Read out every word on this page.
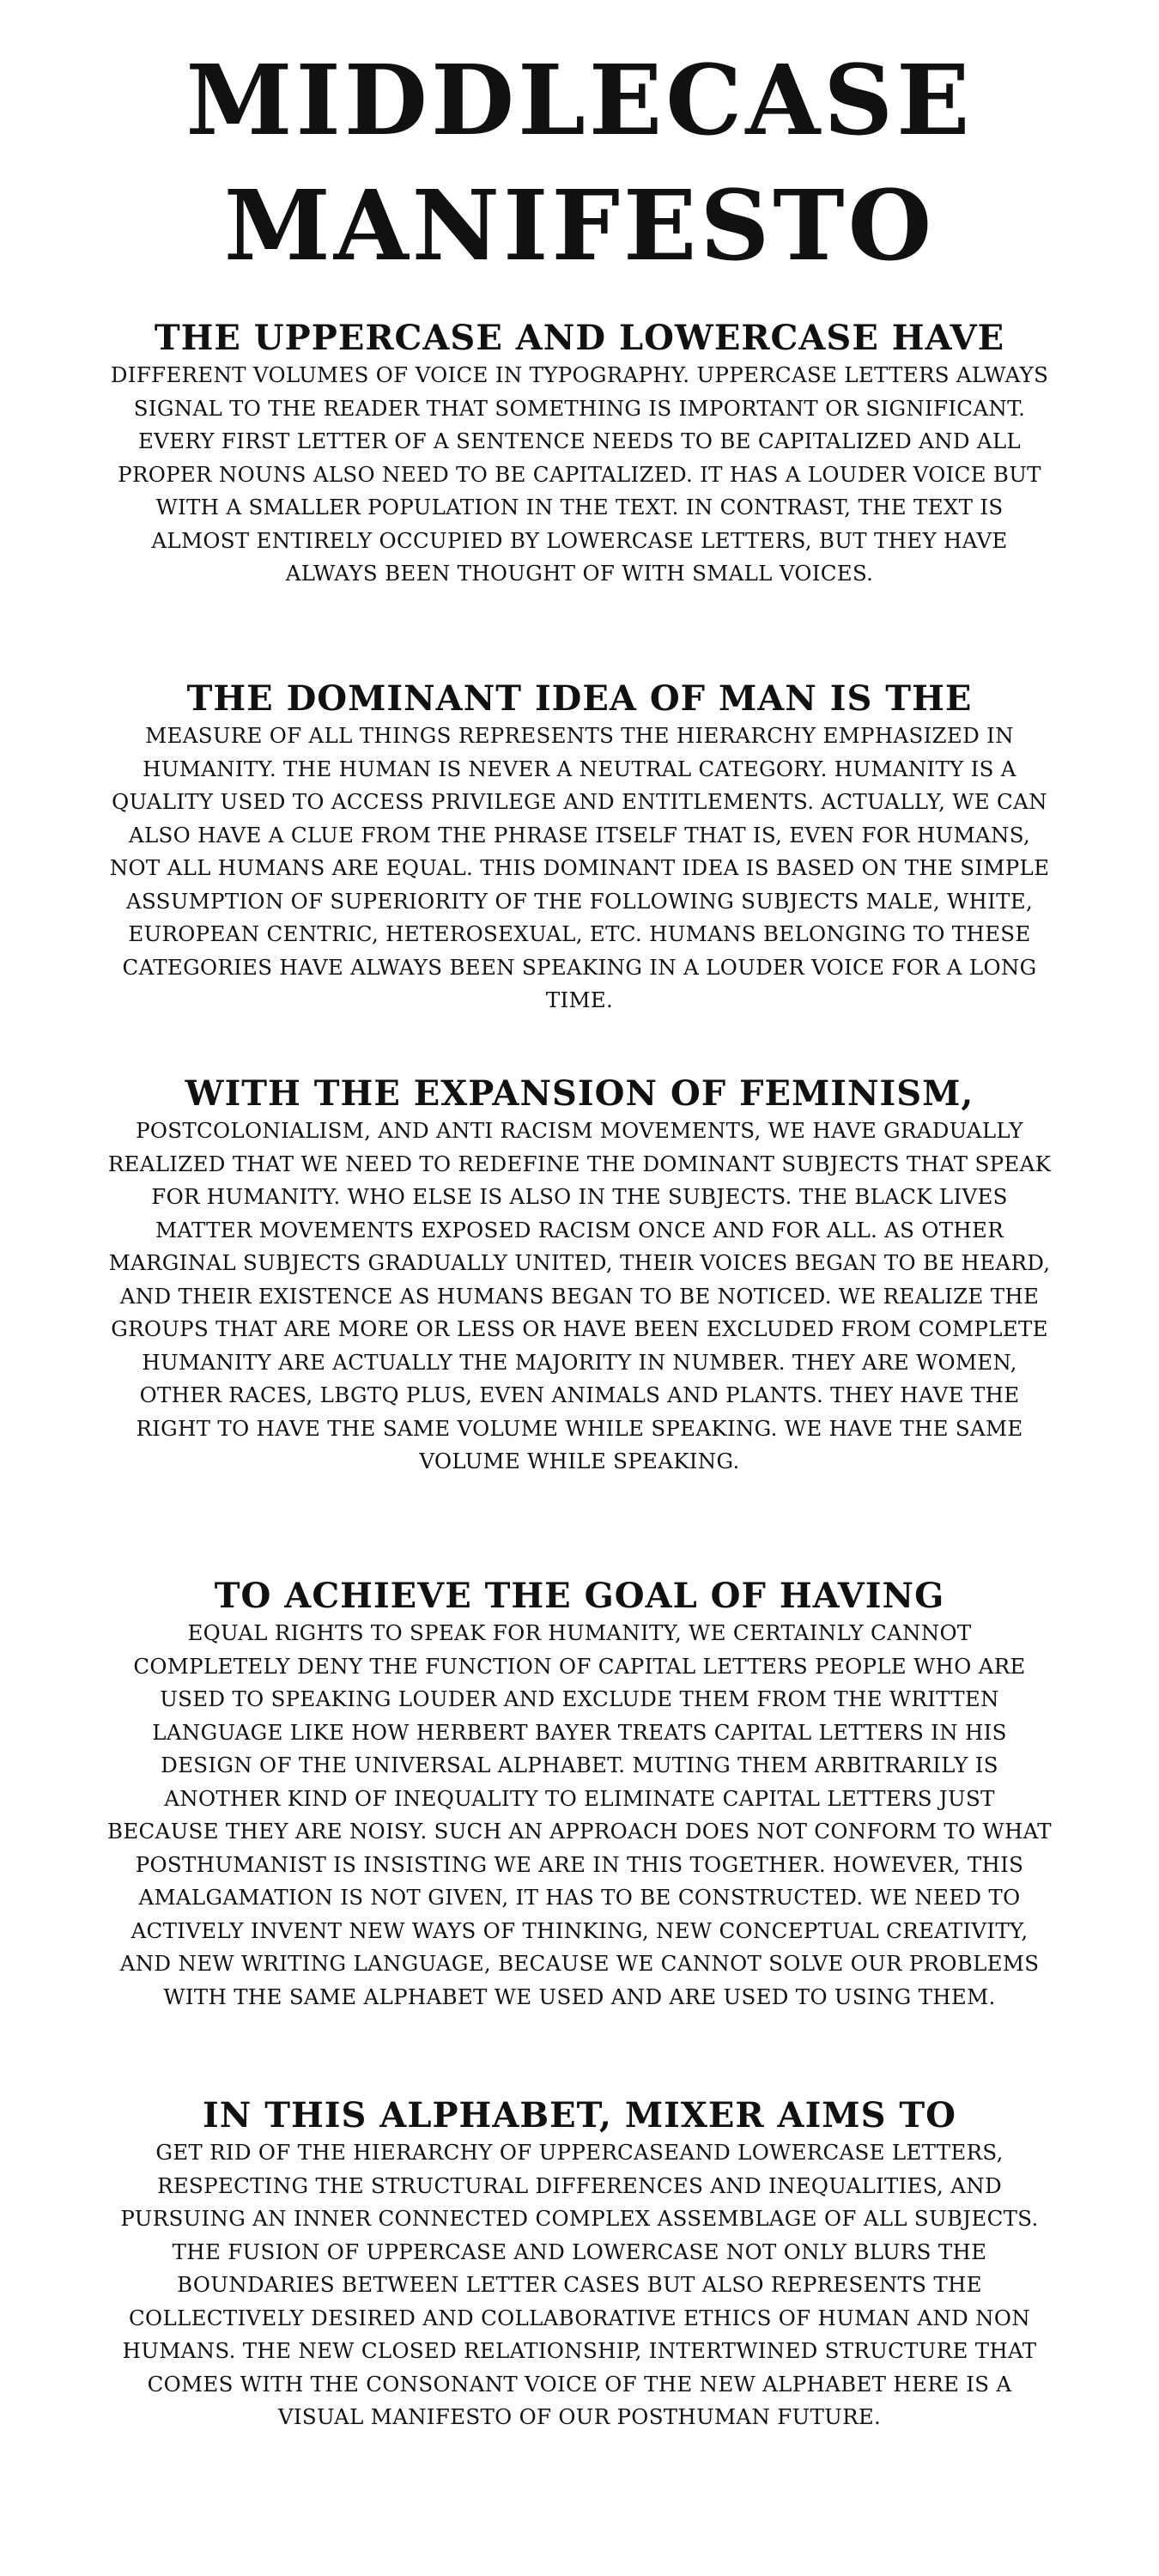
MIDDLECASE
MANIFESTO
THE UPPERCASE AND LOWERCASE HAVE

DIFFERENT VOLUMES OF VOICE IN TYPOGRAPHY. UPPERCASE LETTERS ALWAYS SIGNAL TO THE READER THAT SOMETHING IS IMPORTANT OR SIGNIFICANT. EVERY FIRST LETTER OF A SENTENCE NEEDS TO BE CAPITALIZED AND ALL PROPER NOUNS ALSO NEED TO BE CAPITALIZED. IT HAS A LOUDER VOICE BUT WITH A SMALLER POPULATION IN THE TEXT. IN CONTRAST, THE TEXT IS ALMOST ENTIRELY OCCUPIED BY LOWERCASE LETTERS, BUT THEY HAVE ALWAYS BEEN THOUGHT OF WITH SMALL VOICES.

THE DOMINANT IDEA OF MAN IS THE

MEASURE OF ALL THINGS REPRESENTS THE HIERARCHY EMPHASIZED IN HUMANITY. THE HUMAN IS NEVER A NEUTRAL CATEGORY. HUMANITY IS A QUALITY USED TO ACCESS PRIVILEGE AND ENTITLEMENTS. ACTUALLY, WE CAN ALSO HAVE A CLUE FROM THE PHRASE ITSELF THAT IS, EVEN FOR HUMANS, NOT ALL HUMANS ARE EQUAL. THIS DOMINANT IDEA IS BASED ON THE SIMPLE ASSUMPTION OF SUPERIORITY OF THE FOLLOWING SUBJECTS MALE, WHITE, EUROPEAN CENTRIC, HETEROSEXUAL, ETC. HUMANS BELONGING TO THESE CATEGORIES HAVE ALWAYS BEEN SPEAKING IN A LOUDER VOICE FOR A LONG TIME.

WITH THE EXPANSION OF FEMINISM,

POSTCOLONIALISM, AND ANTI RACISM MOVEMENTS, WE HAVE GRADUALLY REALIZED THAT WE NEED TO REDEFINE THE DOMINANT SUBJECTS THAT SPEAK FOR HUMANITY. WHO ELSE IS ALSO IN THE SUBJECTS. THE BLACK LIVES MATTER MOVEMENTS EXPOSED RACISM ONCE AND FOR ALL. AS OTHER MARGINAL SUBJECTS GRADUALLY UNITED, THEIR VOICES BEGAN TO BE HEARD, AND THEIR EXISTENCE AS HUMANS BEGAN TO BE NOTICED. WE REALIZE THE GROUPS THAT ARE MORE OR LESS OR HAVE BEEN EXCLUDED FROM COMPLETE HUMANITY ARE ACTUALLY THE MAJORITY IN NUMBER. THEY ARE WOMEN, OTHER RACES, LBGTQ PLUS, EVEN ANIMALS AND PLANTS. THEY HAVE THE RIGHT TO HAVE THE SAME VOLUME WHILE SPEAKING. WE HAVE THE SAME VOLUME WHILE SPEAKING.

TO ACHIEVE THE GOAL OF HAVING

EQUAL RIGHTS TO SPEAK FOR HUMANITY, WE CERTAINLY CANNOT COMPLETELY DENY THE FUNCTION OF CAPITAL LETTERS PEOPLE WHO ARE USED TO SPEAKING LOUDER AND EXCLUDE THEM FROM THE WRITTEN LANGUAGE LIKE HOW HERBERT BAYER TREATS CAPITAL LETTERS IN HIS DESIGN OF THE UNIVERSAL ALPHABET. MUTING THEM ARBITRARILY IS ANOTHER KIND OF INEQUALITY TO ELIMINATE CAPITAL LETTERS JUST BECAUSE THEY ARE NOISY. SUCH AN APPROACH DOES NOT CONFORM TO WHAT POSTHUMANIST IS INSISTING WE ARE IN THIS TOGETHER. HOWEVER, THIS AMALGAMATION IS NOT GIVEN, IT HAS TO BE CONSTRUCTED. WE NEED TO ACTIVELY INVENT NEW WAYS OF THINKING, NEW CONCEPTUAL CREATIVITY, AND NEW WRITING LANGUAGE, BECAUSE WE CANNOT SOLVE OUR PROBLEMS WITH THE SAME ALPHABET WE USED AND ARE USED TO USING THEM.

IN THIS ALPHABET, MIXER AIMS TO

GET RID OF THE HIERARCHY OF UPPERCASEAND LOWERCASE LETTERS, RESPECTING THE STRUCTURAL DIFFERENCES AND INEQUALITIES, AND PURSUING AN INNER CONNECTED COMPLEX ASSEMBLAGE OF ALL SUBJECTS. THE FUSION OF UPPERCASE AND LOWERCASE NOT ONLY BLURS THE BOUNDARIES BETWEEN LETTER CASES BUT ALSO REPRESENTS THE COLLECTIVELY DESIRED AND COLLABORATIVE ETHICS OF HUMAN AND NON HUMANS. THE NEW CLOSED RELATIONSHIP, INTERTWINED STRUCTURE THAT COMES WITH THE CONSONANT VOICE OF THE NEW ALPHABET HERE IS A VISUAL MANIFESTO OF OUR POSTHUMAN FUTURE.
